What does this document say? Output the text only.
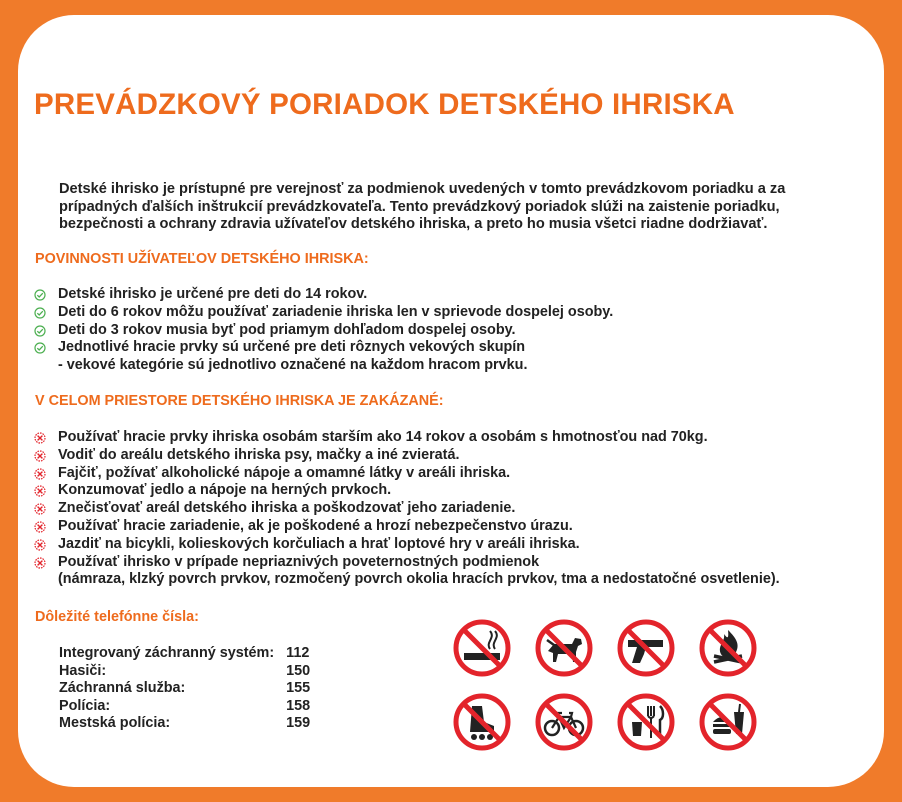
PREVÁDZKOVÝ PORIADOK DETSKÉHO IHRISKA
Detské ihrisko je prístupné pre verejnosť za podmienok uvedených v tomto prevádzkovom poriadku a za
prípadných ďalších inštrukcií prevádzkovateľa. Tento prevádzkový poriadok slúži na zaistenie poriadku,
bezpečnosti a ochrany zdravia užívateľov detského ihriska, a preto ho musia všetci riadne dodržiavať.
POVINNOSTI UŽÍVATEĽOV DETSKÉHO IHRISKA:
Detské ihrisko je určené pre deti do 14 rokov.
Deti do 6 rokov môžu používať zariadenie ihriska len v sprievode dospelej osoby.
Deti do 3 rokov musia byť pod priamym dohľadom dospelej osoby.
Jednotlivé hracie prvky sú určené pre deti rôznych vekových skupín
- vekové kategórie sú jednotlivo označené na každom hracom prvku.
V CELOM PRIESTORE DETSKÉHO IHRISKA JE ZAKÁZANÉ:
Používať hracie prvky ihriska osobám starším ako 14 rokov a osobám s hmotnosťou nad 70kg.
Vodiť do areálu detského ihriska psy, mačky a iné zvieratá.
Fajčiť, požívať alkoholické nápoje a omamné látky v areáli ihriska.
Konzumovať jedlo a nápoje na herných prvkoch.
Znečisťovať areál detského ihriska a poškodzovať jeho zariadenie.
Používať hracie zariadenie, ak je poškodené a hrozí nebezpečenstvo úrazu.
Jazdiť na bicykli, kolieskových korčuliach a hrať loptové hry v areáli ihriska.
Používať ihrisko v prípade nepriaznivých poveternostných podmienok
(námraza, klzký povrch prvkov, rozmočený povrch okolia hracích prvkov, tma a nedostatočné osvetlenie).
Dôležité telefónne čísla:
Integrovaný záchranný systém:	112
Hasiči:	150
Záchranná služba:	155
Polícia:	158
Mestská polícia:	159
